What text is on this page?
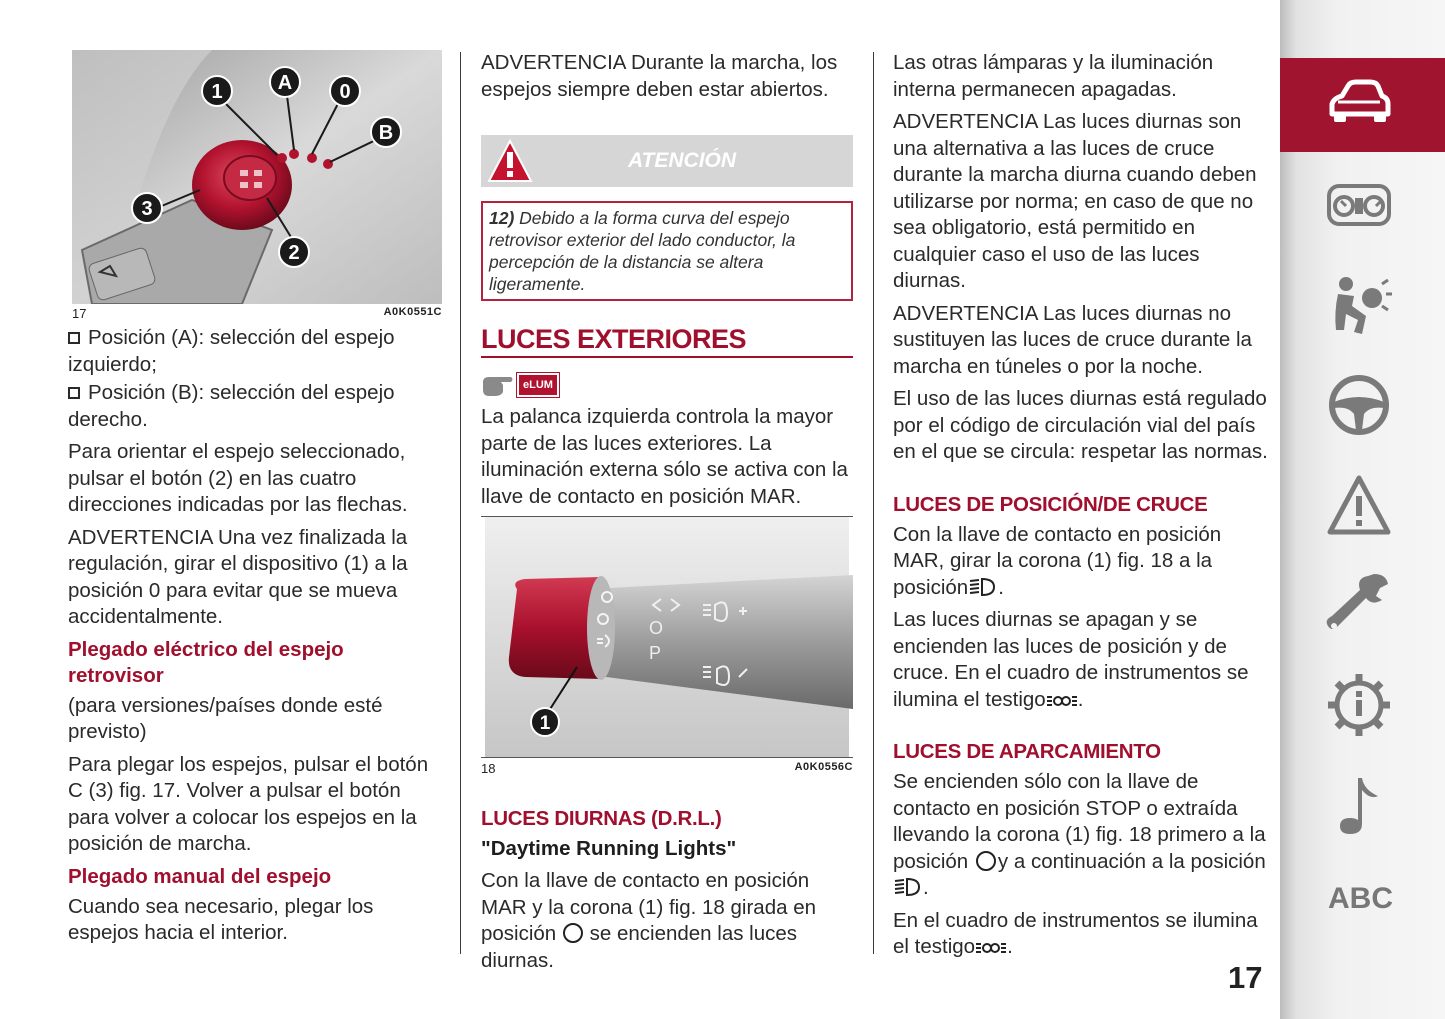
1	A 0
B
3
2
17	A0K0551C

Posición (A): selección del espejo izquierdo;

Posición (B): selección del espejo derecho.

Para orientar el espejo seleccionado, pulsar el botón (2) en las cuatro direcciones indicadas por las flechas.

ADVERTENCIA Una vez finalizada la regulación, girar el dispositivo (1) a la posición 0 para evitar que se mueva accidentalmente.

Plegado eléctrico del espejo retrovisor

(para versiones/países donde esté previsto)

Para plegar los espejos, pulsar el botón C (3) fig. 17. Volver a pulsar el botón para volver a colocar los espejos en la posición de marcha.

Plegado manual del espejo

Cuando sea necesario, plegar los espejos hacia el interior.

ADVERTENCIA Durante la marcha, los espejos siempre deben estar abiertos.

ATENCIÓN
12) Debido a la forma curva del espejo retrovisor exterior del lado conductor, la percepción de la distancia se altera ligeramente.
LUCES EXTERIORES
eLUM

La palanca izquierda controla la mayor parte de las luces exteriores. La iluminación externa sólo se activa con la llave de contacto en posición MAR.

O
P
1
18	A0K0556C
LUCES DIURNAS (D.R.L.)
"Daytime Running Lights"

Con la llave de contacto en posición MAR y la corona (1) fig. 18 girada en posición se encienden las luces diurnas.

Las otras lámparas y la iluminación interna permanecen apagadas.

ADVERTENCIA Las luces diurnas son una alternativa a las luces de cruce durante la marcha diurna cuando deben utilizarse por norma; en caso de que no sea obligatorio, está permitido en cualquier caso el uso de las luces diurnas.

ADVERTENCIA Las luces diurnas no sustituyen las luces de cruce durante la marcha en túneles o por la noche.

El uso de las luces diurnas está regulado por el código de circulación vial del país en el que se circula: respetar las normas.

LUCES DE POSICIÓN/DE CRUCE

Con la llave de contacto en posición MAR, girar la corona (1) fig. 18 a la posición .

Las luces diurnas se apagan y se encienden las luces de posición y de cruce. En el cuadro de instrumentos se ilumina el testigo .

LUCES DE APARCAMIENTO

Se encienden sólo con la llave de contacto en posición STOP o extraída llevando la corona (1) fig. 18 primero a la posición y a continuación a la posición .

En el cuadro de instrumentos se ilumina el testigo .

17
ABC
